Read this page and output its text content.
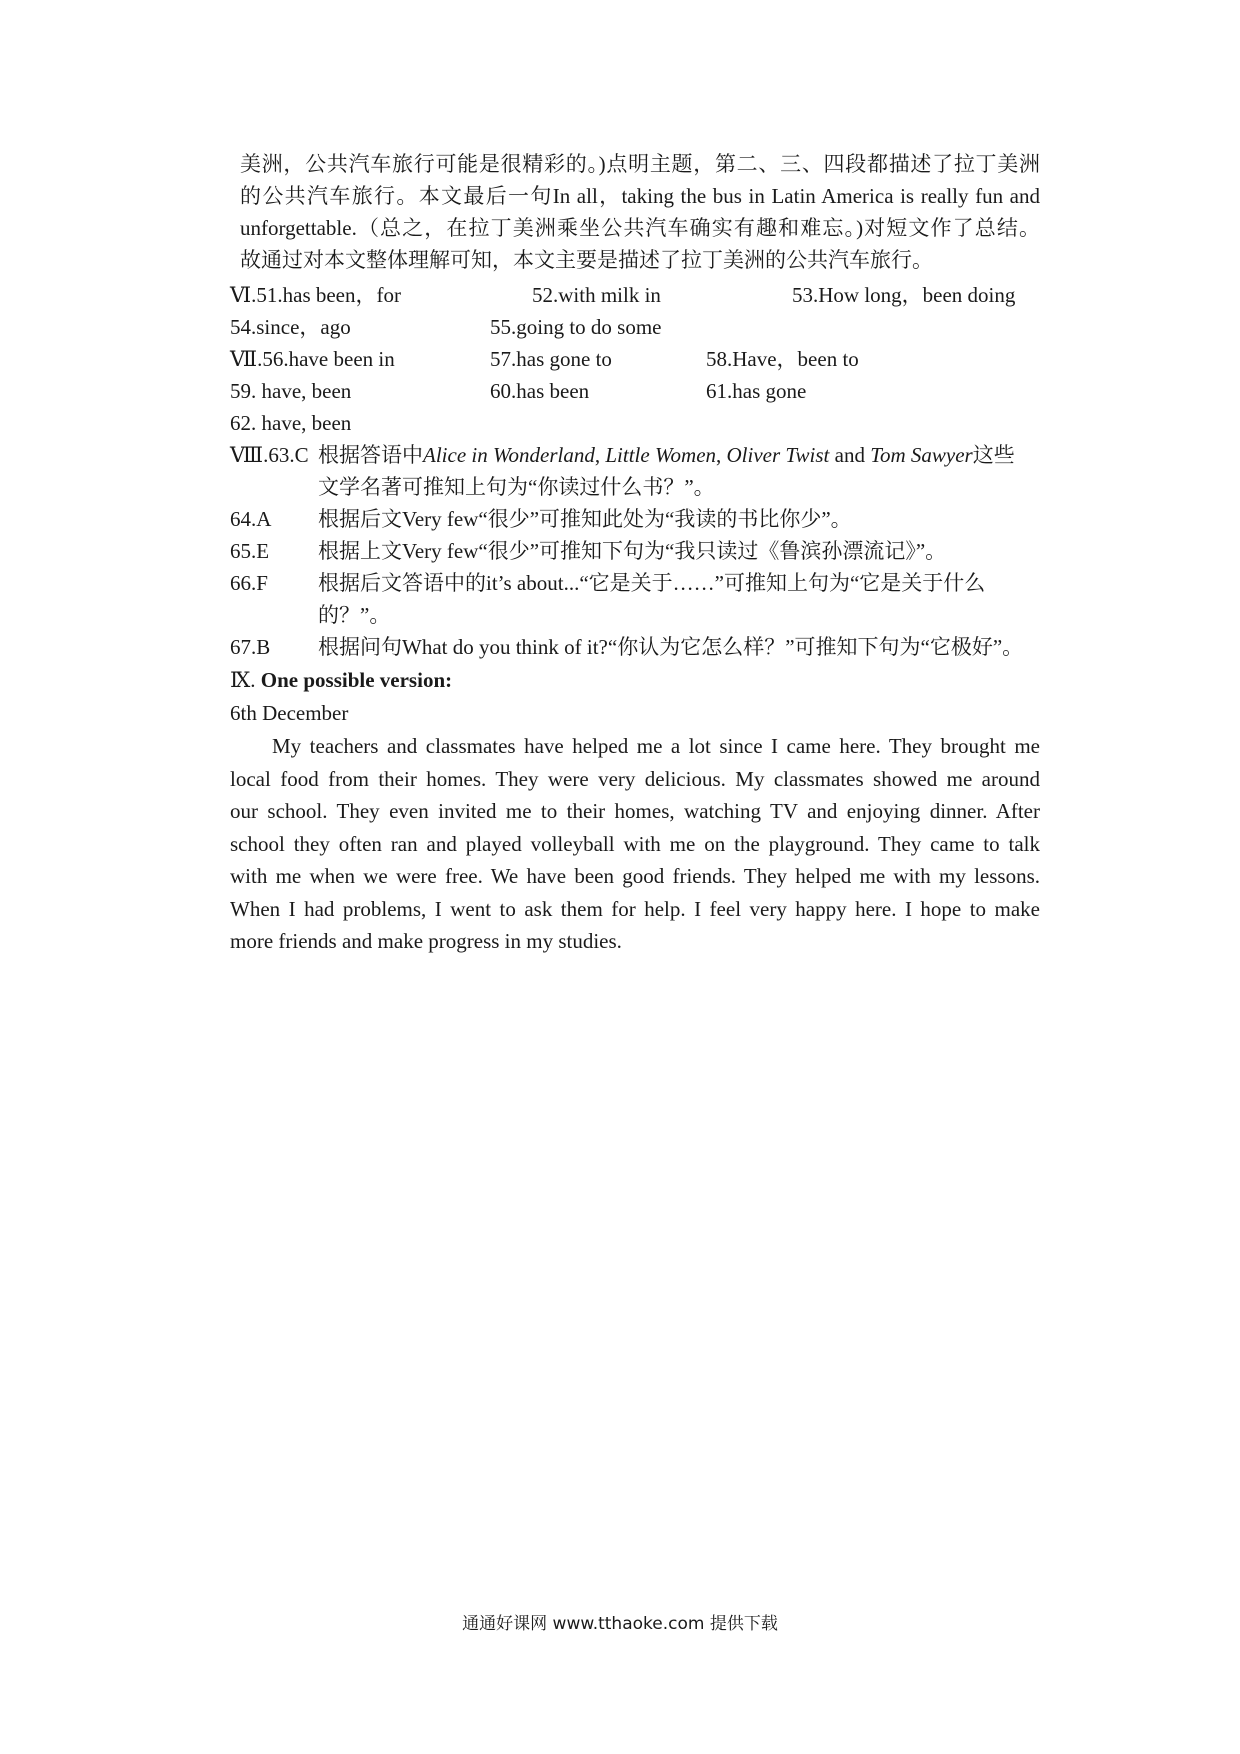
美洲，公共汽车旅行可能是很精彩的。)点明主题，第二、三、四段都描述了拉丁美洲
的公共汽车旅行。本文最后一句In all，taking the bus in Latin America is really fun and
unforgettable.（总之，在拉丁美洲乘坐公共汽车确实有趣和难忘。)对短文作了总结。
故通过对本文整体理解可知，本文主要是描述了拉丁美洲的公共汽车旅行。
Ⅵ.51.has been，for	52.with milk in	53.How long，been doing
54.since，ago	55.going to do some
Ⅶ.56.have been in	57.has gone to	58.Have，been to
59. have, been	60.has been	61.has gone
62. have, been
Ⅷ.63.C 根据答语中Alice in Wonderland, Little Women, Oliver Twist and Tom Sawyer这些
文学名著可推知上句为“你读过什么书？”。
64.A 根据后文Very few“很少”可推知此处为“我读的书比你少”。
65.E 根据上文Very few“很少”可推知下句为“我只读过《鲁滨孙漂流记》”。
66.F 根据后文答语中的it’s about...“它是关于……”可推知上句为“它是关于什么
的？”。
67.B 根据问句What do you think of it?“你认为它怎么样？”可推知下句为“它极好”。
Ⅸ. One possible version:
6th December
My teachers and classmates have helped me a lot since I came here. They brought me
local food from their homes. They were very delicious. My classmates showed me around
our school. They even invited me to their homes, watching TV and enjoying dinner. After
school they often ran and played volleyball with me on the playground. They came to talk
with me when we were free. We have been good friends. They helped me with my lessons.
When I had problems, I went to ask them for help. I feel very happy here. I hope to make
more friends and make progress in my studies.
通通好课网 www.tthaoke.com 提供下载
